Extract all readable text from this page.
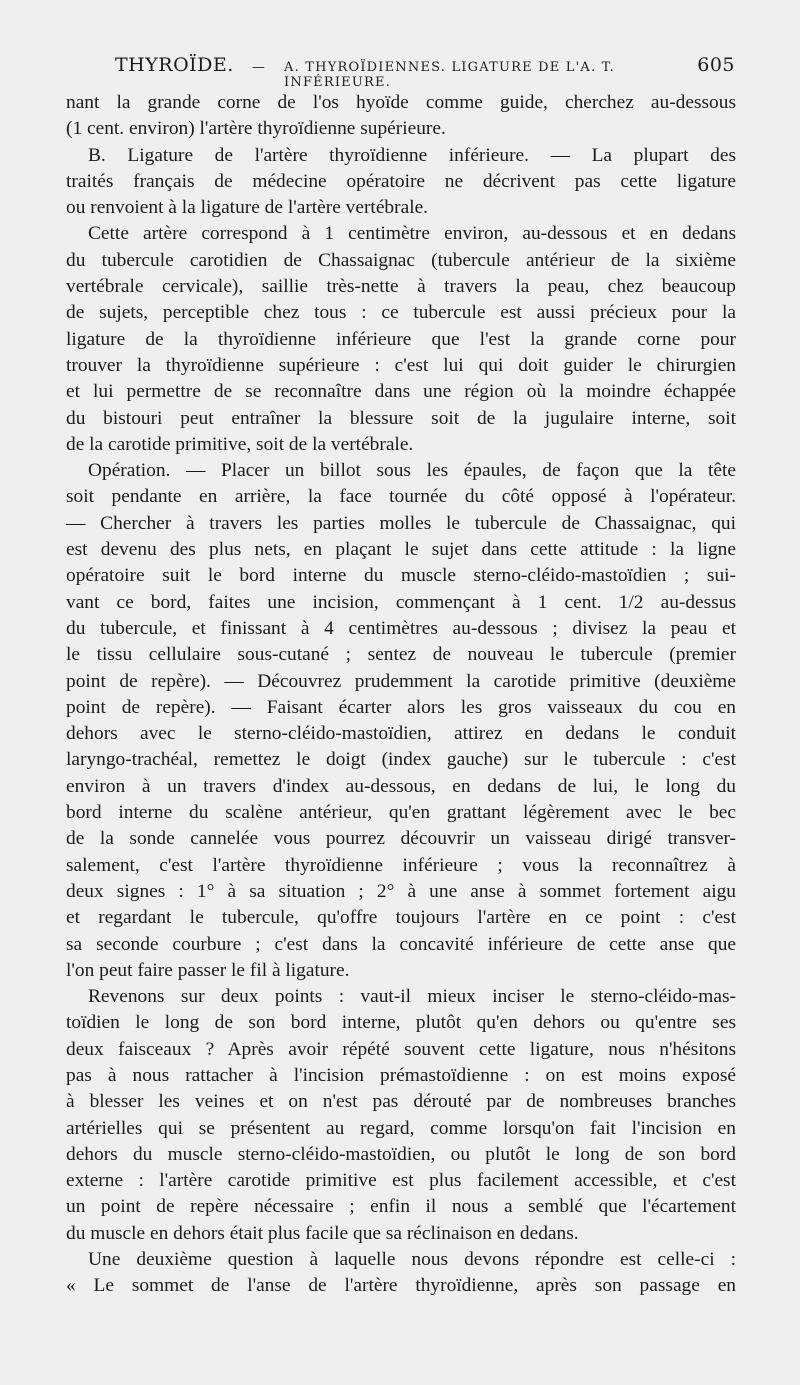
THYROÏDE. — A. THYROÏDIENNES. LIGATURE DE L'A. T. INFÉRIEURE.
605
nant la grande corne de l'os hyoïde comme guide, cherchez au-dessous
(1 cent. environ) l'artère thyroïdienne supérieure.
B. Ligature de l'artère thyroïdienne inférieure. — La plupart des
traités français de médecine opératoire ne décrivent pas cette ligature
ou renvoient à la ligature de l'artère vertébrale.
Cette artère correspond à 1 centimètre environ, au-dessous et en dedans
du tubercule carotidien de Chassaignac (tubercule antérieur de la sixième
vertébrale cervicale), saillie très-nette à travers la peau, chez beaucoup
de sujets, perceptible chez tous : ce tubercule est aussi précieux pour la
ligature de la thyroïdienne inférieure que l'est la grande corne pour
trouver la thyroïdienne supérieure : c'est lui qui doit guider le chirurgien
et lui permettre de se reconnaître dans une région où la moindre échappée
du bistouri peut entraîner la blessure soit de la jugulaire interne, soit
de la carotide primitive, soit de la vertébrale.
Opération. — Placer un billot sous les épaules, de façon que la tête
soit pendante en arrière, la face tournée du côté opposé à l'opérateur.
— Chercher à travers les parties molles le tubercule de Chassaignac, qui
est devenu des plus nets, en plaçant le sujet dans cette attitude : la ligne
opératoire suit le bord interne du muscle sterno-cléido-mastoïdien ; sui-
vant ce bord, faites une incision, commençant à 1 cent. 1/2 au-dessus
du tubercule, et finissant à 4 centimètres au-dessous ; divisez la peau et
le tissu cellulaire sous-cutané ; sentez de nouveau le tubercule (premier
point de repère). — Découvrez prudemment la carotide primitive (deuxième
point de repère). — Faisant écarter alors les gros vaisseaux du cou en
dehors avec le sterno-cléido-mastoïdien, attirez en dedans le conduit
laryngo-trachéal, remettez le doigt (index gauche) sur le tubercule : c'est
environ à un travers d'index au-dessous, en dedans de lui, le long du
bord interne du scalène antérieur, qu'en grattant légèrement avec le bec
de la sonde cannelée vous pourrez découvrir un vaisseau dirigé transver-
salement, c'est l'artère thyroïdienne inférieure ; vous la reconnaîtrez à
deux signes : 1° à sa situation ; 2° à une anse à sommet fortement aigu
et regardant le tubercule, qu'offre toujours l'artère en ce point : c'est
sa seconde courbure ; c'est dans la concavité inférieure de cette anse que
l'on peut faire passer le fil à ligature.
Revenons sur deux points : vaut-il mieux inciser le sterno-cléido-mas-
toïdien le long de son bord interne, plutôt qu'en dehors ou qu'entre ses
deux faisceaux ? Après avoir répété souvent cette ligature, nous n'hésitons
pas à nous rattacher à l'incision prémastoïdienne : on est moins exposé
à blesser les veines et on n'est pas dérouté par de nombreuses branches
artérielles qui se présentent au regard, comme lorsqu'on fait l'incision en
dehors du muscle sterno-cléido-mastoïdien, ou plutôt le long de son bord
externe : l'artère carotide primitive est plus facilement accessible, et c'est
un point de repère nécessaire ; enfin il nous a semblé que l'écartement
du muscle en dehors était plus facile que sa réclinaison en dedans.
Une deuxième question à laquelle nous devons répondre est celle-ci :
« Le sommet de l'anse de l'artère thyroïdienne, après son passage en
